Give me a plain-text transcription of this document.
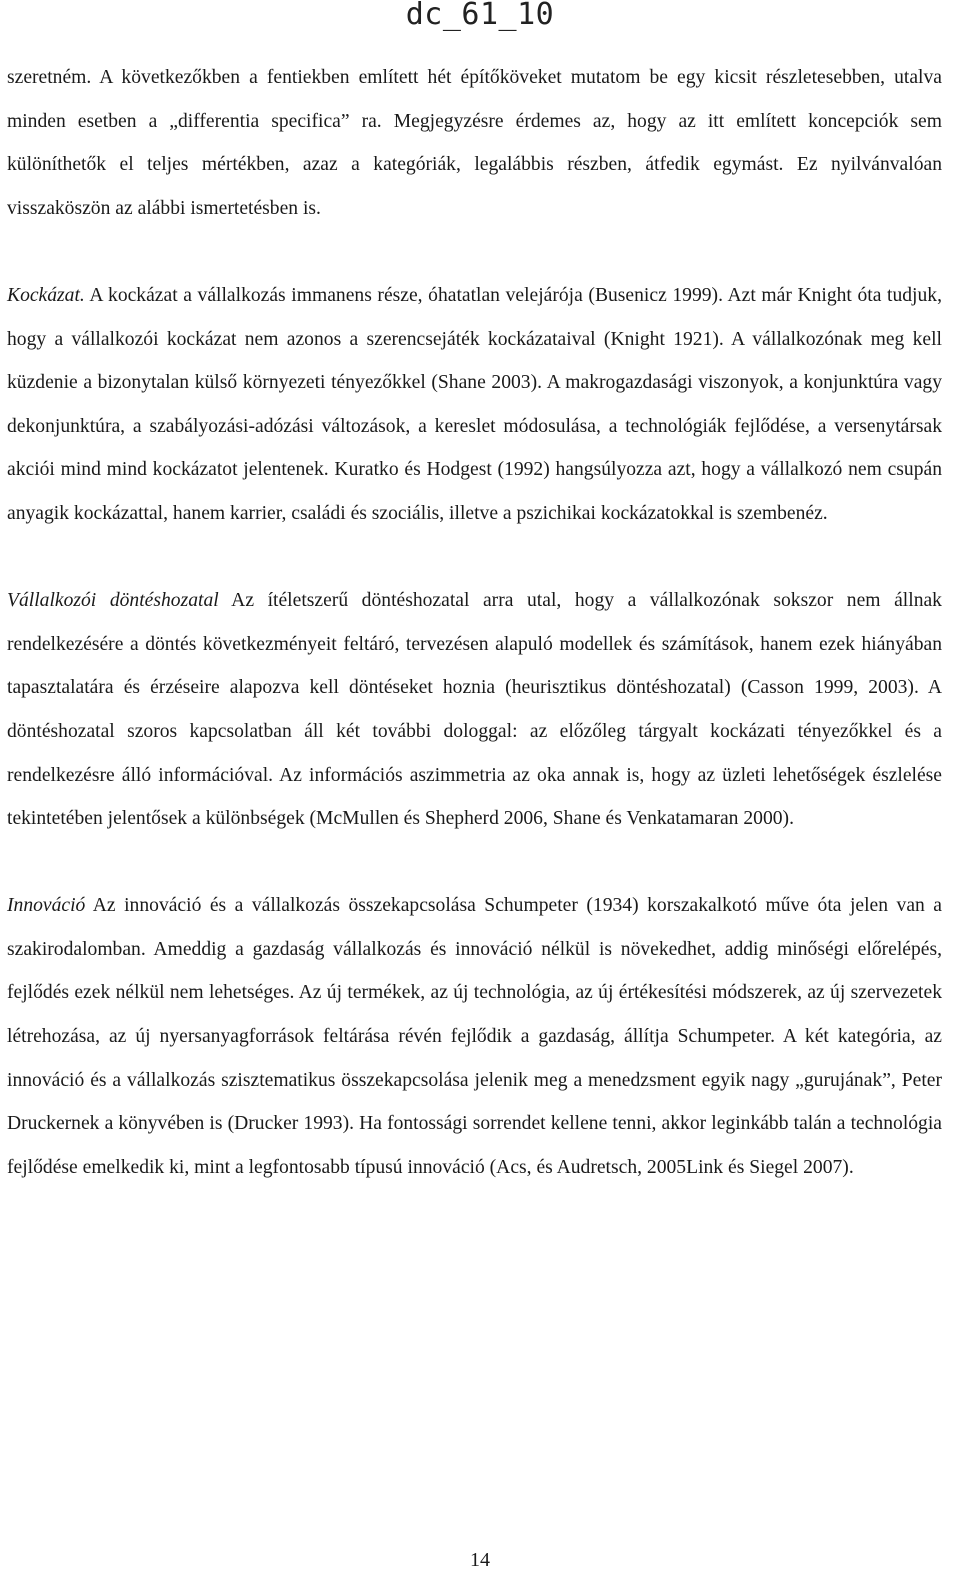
dc_61_10

szeretném. A következőkben a fentiekben említett hét építőköveket mutatom be egy kicsit részletesebben, utalva minden esetben a „differentia specifica” ra. Megjegyzésre érdemes az, hogy az itt említett koncepciók sem különíthetők el teljes mértékben, azaz a kategóriák, legalábbis részben, átfedik egymást. Ez nyilvánvalóan visszaköszön az alábbi ismertetésben is.

Kockázat. A kockázat a vállalkozás immanens része, óhatatlan velejárója (Busenicz 1999). Azt már Knight óta tudjuk, hogy a vállalkozói kockázat nem azonos a szerencsejáték kockázataival (Knight 1921). A vállalkozónak meg kell küzdenie a bizonytalan külső környezeti tényezőkkel (Shane 2003). A makrogazdasági viszonyok, a konjunktúra vagy dekonjunktúra, a szabályozási-adózási változások, a kereslet módosulása, a technológiák fejlődése, a versenytársak akciói mind mind kockázatot jelentenek. Kuratko és Hodgest (1992) hangsúlyozza azt, hogy a vállalkozó nem csupán anyagik kockázattal, hanem karrier, családi és szociális, illetve a pszichikai kockázatokkal is szembenéz.

Vállalkozói döntéshozatal Az ítéletszerű döntéshozatal arra utal, hogy a vállalkozónak sokszor nem állnak rendelkezésére a döntés következményeit feltáró, tervezésen alapuló modellek és számítások, hanem ezek hiányában tapasztalatára és érzéseire alapozva kell döntéseket hoznia (heurisztikus döntéshozatal) (Casson 1999, 2003). A döntéshozatal szoros kapcsolatban áll két további dologgal: az előzőleg tárgyalt kockázati tényezőkkel és a rendelkezésre álló információval. Az információs aszimmetria az oka annak is, hogy az üzleti lehetőségek észlelése tekintetében jelentősek a különbségek (McMullen és Shepherd 2006, Shane és Venkatamaran 2000).

Innováció Az innováció és a vállalkozás összekapcsolása Schumpeter (1934) korszakalkotó műve óta jelen van a szakirodalomban. Ameddig a gazdaság vállalkozás és innováció nélkül is növekedhet, addig minőségi előrelépés, fejlődés ezek nélkül nem lehetséges. Az új termékek, az új technológia, az új értékesítési módszerek, az új szervezetek létrehozása, az új nyersanyagforrások feltárása révén fejlődik a gazdaság, állítja Schumpeter. A két kategória, az innováció és a vállalkozás szisztematikus összekapcsolása jelenik meg a menedzsment egyik nagy „gurujának”, Peter Druckernek a könyvében is (Drucker 1993). Ha fontossági sorrendet kellene tenni, akkor leginkább talán a technológia fejlődése emelkedik ki, mint a legfontosabb típusú innováció (Acs, és Audretsch, 2005Link és Siegel 2007).

14
